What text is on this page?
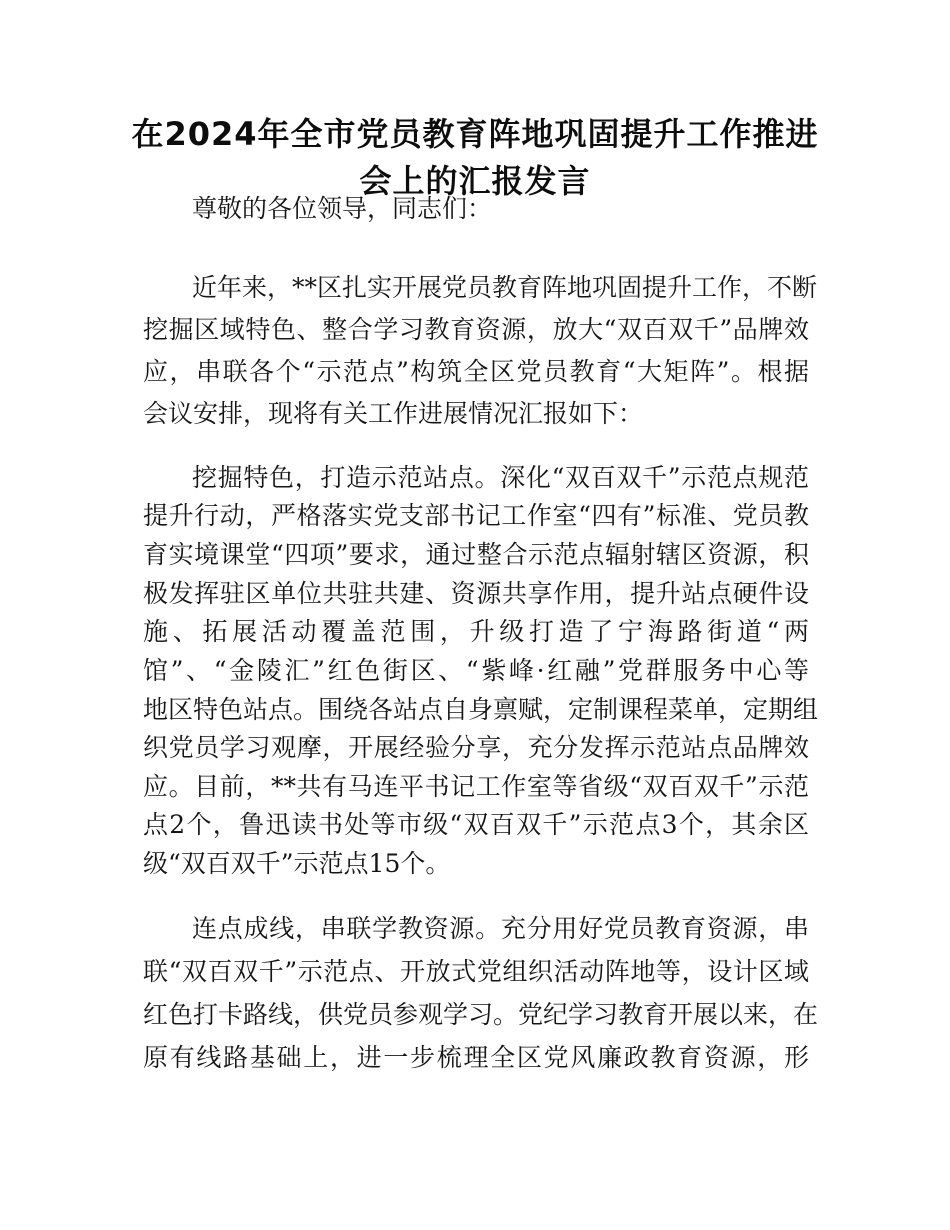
在2024年全市党员教育阵地巩固提升工作推进
会上的汇报发言
尊敬的各位领导，同志们：
近年来，**区扎实开展党员教育阵地巩固提升工作，不断
挖掘区域特色、整合学习教育资源，放大“双百双千”品牌效
应，串联各个“示范点”构筑全区党员教育“大矩阵”。根据
会议安排，现将有关工作进展情况汇报如下：
挖掘特色，打造示范站点。深化“双百双千”示范点规范
提升行动，严格落实党支部书记工作室“四有”标准、党员教
育实境课堂“四项”要求，通过整合示范点辐射辖区资源，积
极发挥驻区单位共驻共建、资源共享作用，提升站点硬件设
施、拓展活动覆盖范围，升级打造了宁海路街道“两
馆”、“金陵汇”红色街区、“紫峰·红融”党群服务中心等
地区特色站点。围绕各站点自身禀赋，定制课程菜单，定期组
织党员学习观摩，开展经验分享，充分发挥示范站点品牌效
应。目前，**共有马连平书记工作室等省级“双百双千”示范
点2个，鲁迅读书处等市级“双百双千”示范点3个，其余区
级“双百双千”示范点15个。
连点成线，串联学教资源。充分用好党员教育资源，串
联“双百双千”示范点、开放式党组织活动阵地等，设计区域
红色打卡路线，供党员参观学习。党纪学习教育开展以来，在
原有线路基础上，进一步梳理全区党风廉政教育资源，形
